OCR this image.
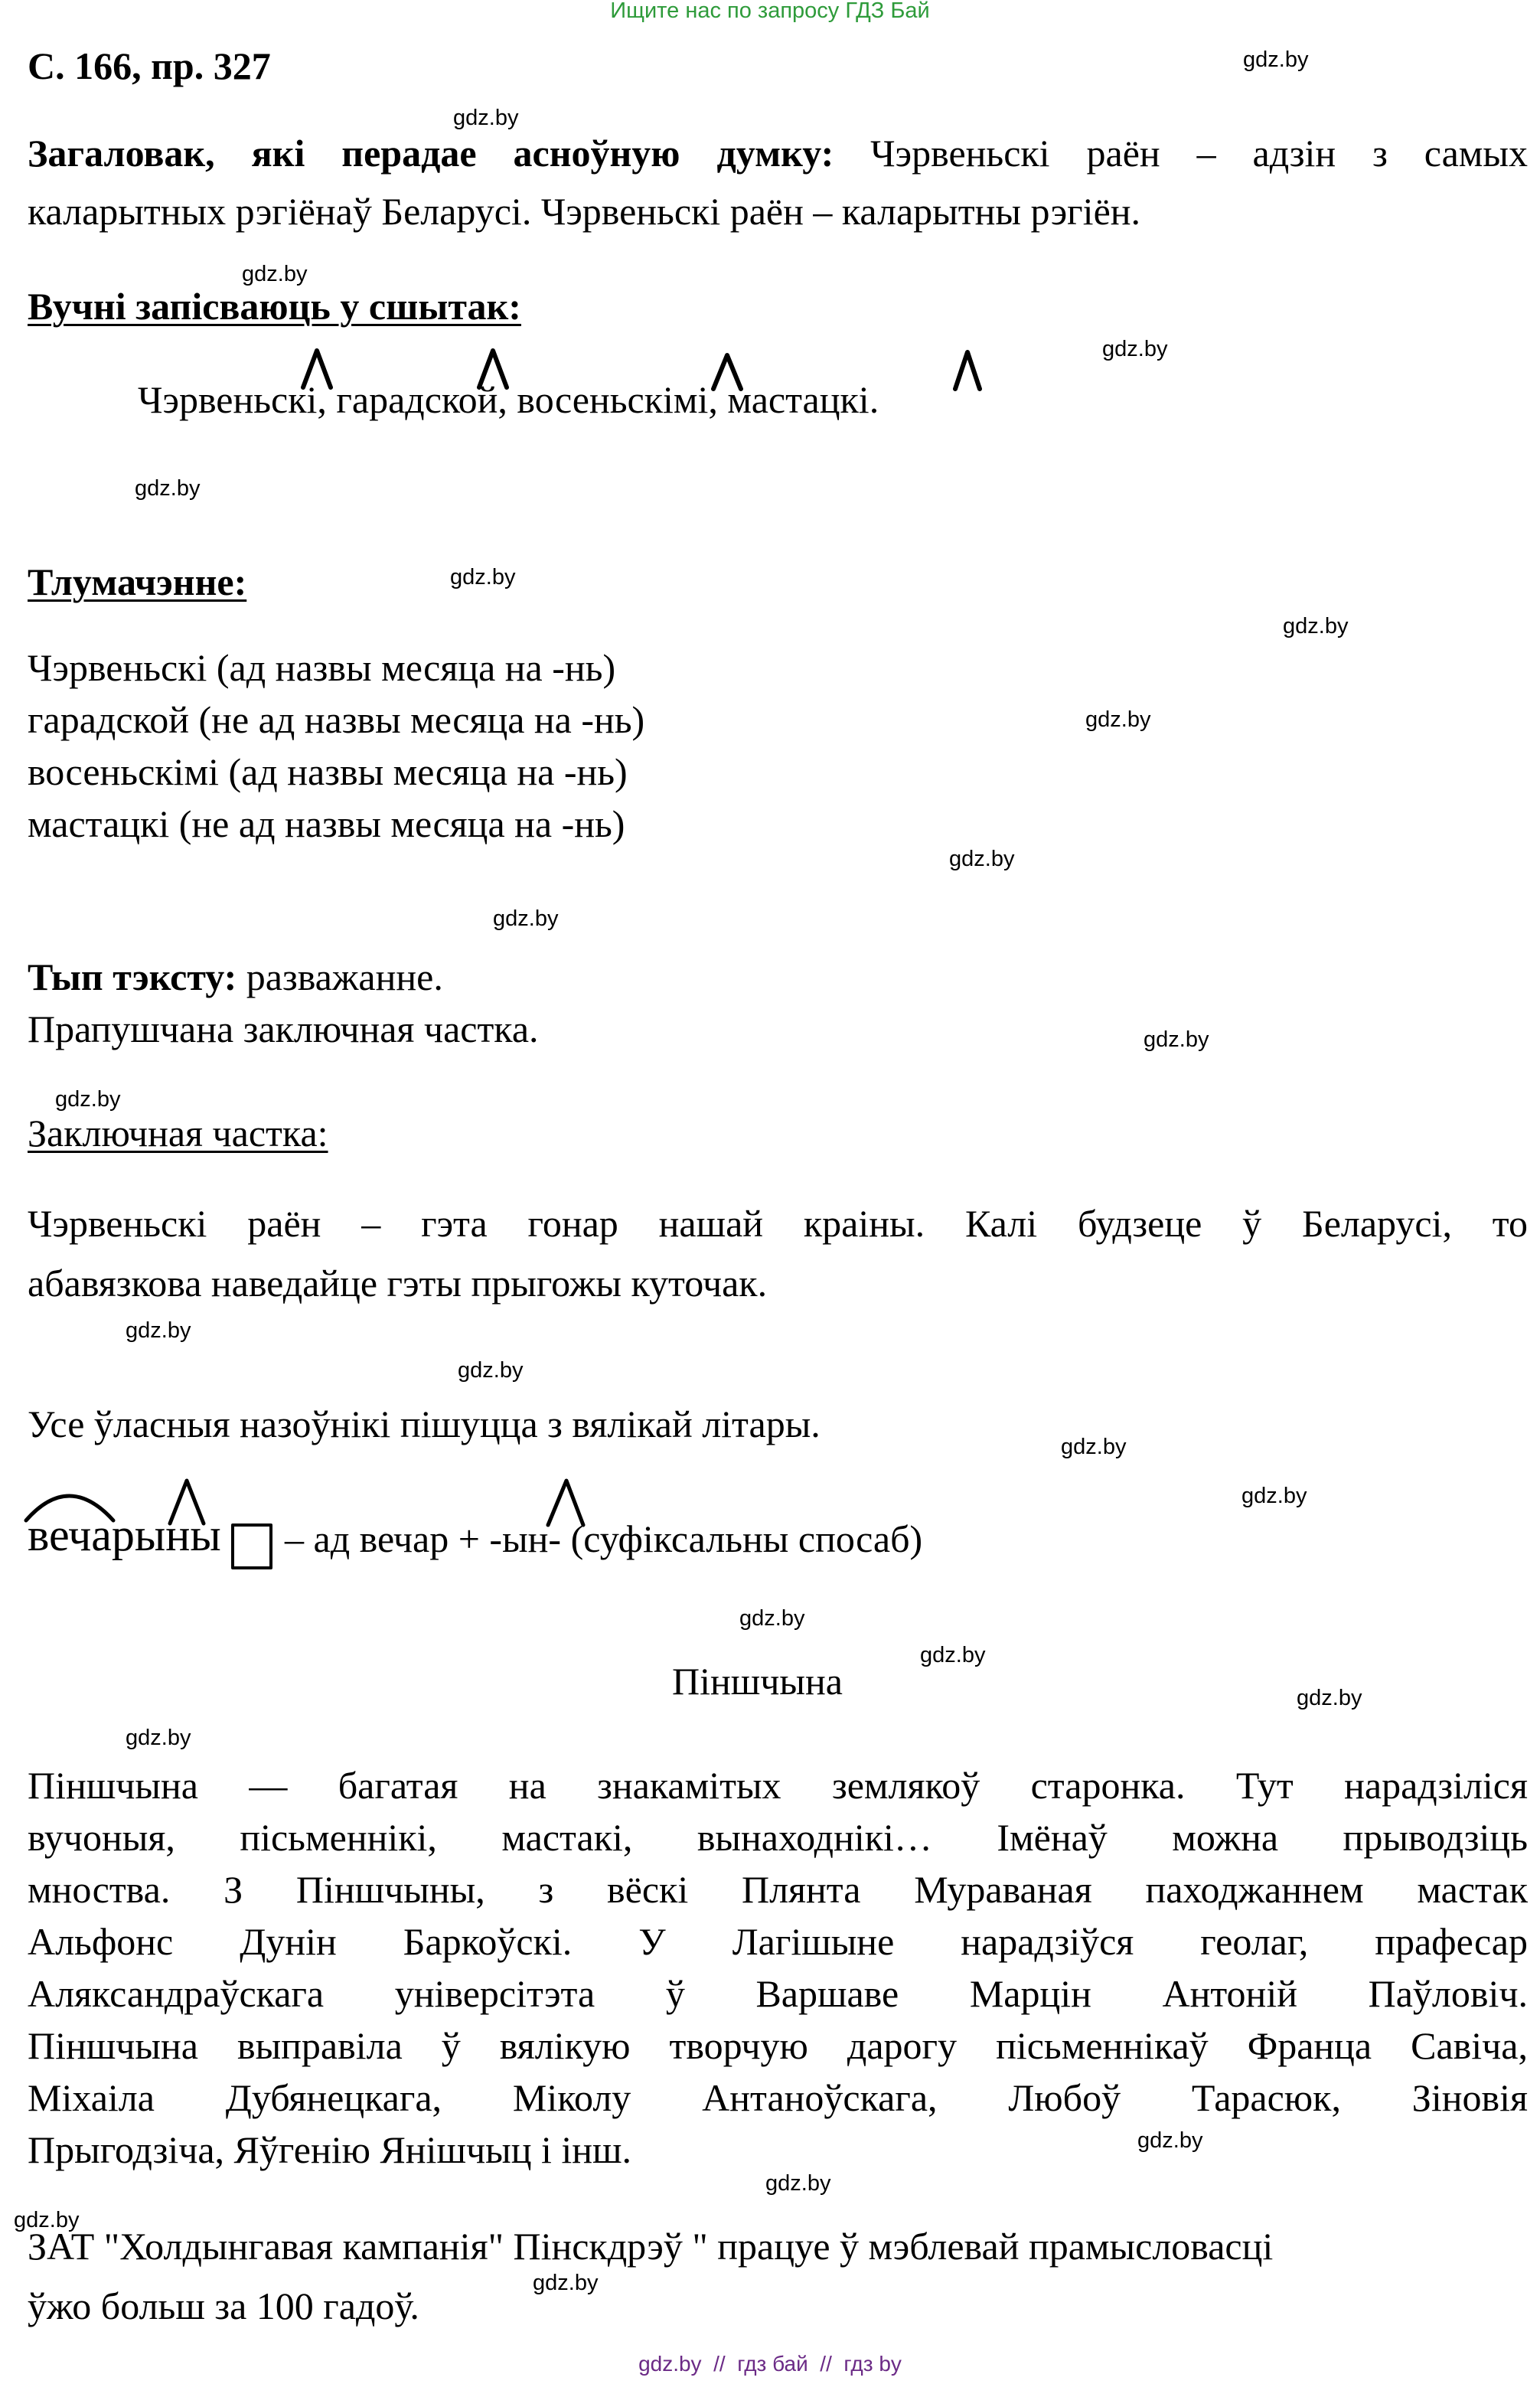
Ищите нас по запросу ГДЗ Бай
С. 166, пр. 327
Загаловак, які перадае асноўную думку: Чэрвеньскі раён – адзін з самых
каларытных рэгіёнаў Беларусі. Чэрвеньскі раён – каларытны рэгіён.
Вучні запісваюць у сшытак:
Чэрвеньскі, гарадской, восеньскімі, мастацкі.
Тлумачэнне:
Чэрвеньскі (ад назвы месяца на -нь)
гарадской (не ад назвы месяца на -нь)
восеньскімі (ад назвы месяца на -нь)
мастацкі (не ад назвы месяца на -нь)
Тып тэксту: разважанне.
Прапушчана заключная частка.
Заключная частка:
Чэрвеньскі раён – гэта гонар нашай краіны. Калі будзеце ў Беларусі, то
абавязкова наведайце гэты прыгожы куточак.
Усе ўласныя назоўнікі пішуцца з вялікай літары.
вечарыны – ад вечар + -ын- (суфіксальны спосаб)
Піншчына

Піншчына — багатая на знакамітых землякоў старонка. Тут нарадзіліся

вучоныя, пісьменнікі, мастакі, вынаходнікі… Імёнаў можна прыводзіць

мноства. З Піншчыны, з вёскі Плянта Мураваная паходжаннем мастак

Альфонс Дунін Баркоўскі. У Лагішыне нарадзіўся геолаг, прафесар

Аляксандраўскага універсітэта ў Варшаве Марцін Антоній Паўловіч.

Піншчына выправіла ў вялікую творчую дарогу пісьменнікаў Франца Савіча,

Міхаіла Дубянецкага, Міколу Антаноўскага, Любоў Тарасюк, Зіновія

Прыгодзіча, Яўгенію Янішчыц і інш.

ЗАТ "Холдынгавая кампанія" Пінскдрэў " працуе ў мэблевай прамысловасці
ўжо больш за 100 гадоў.
gdz.by
gdz.by
gdz.by
gdz.by
gdz.by
gdz.by
gdz.by
gdz.by
gdz.by
gdz.by
gdz.by
gdz.by
gdz.by
gdz.by
gdz.by
gdz.by
gdz.by
gdz.by
gdz.by
gdz.by
gdz.by
gdz.by
gdz.by
gdz.by
gdz.by  //  гдз бай  //  гдз by
